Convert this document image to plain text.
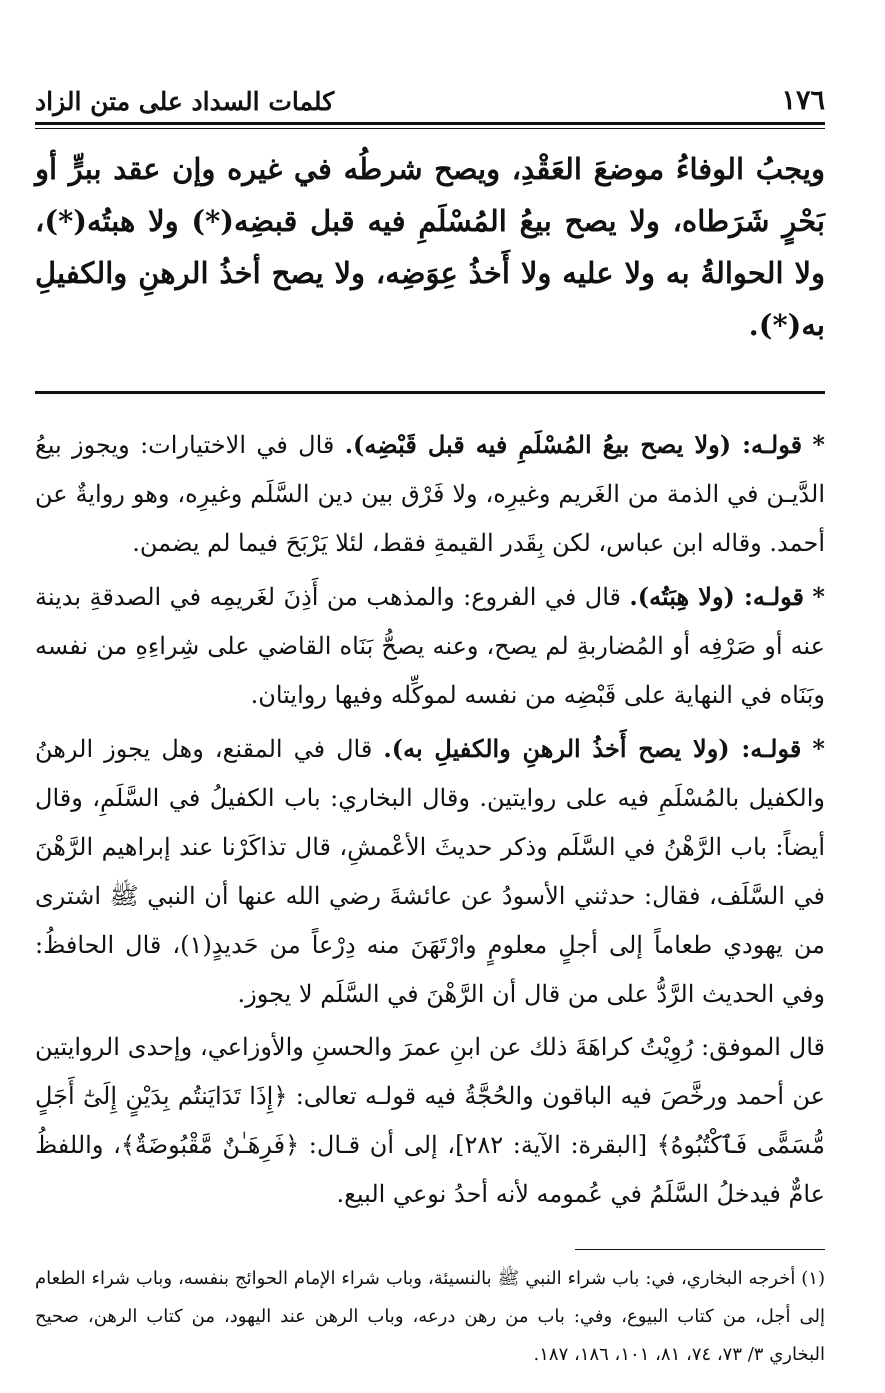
١٧٦
كلمات السداد على متن الزاد

ويجبُ الوفاءُ موضعَ العَقْدِ، ويصح شرطُه في غيره وإن عقد ببرٍّ أو بَحْرٍ شَرَطاه، ولا يصح بيعُ المُسْلَمِ فيه قبل قبضِه(*) ولا هبتُه(*)، ولا الحوالةُ به ولا عليه ولا أَخذُ عِوَضِه، ولا يصح أخذُ الرهنِ والكفيلِ به(*).

* قولـه: (ولا يصح بيعُ المُسْلَمِ فيه قبل قَبْضِه). قال في الاختيارات: ويجوز بيعُ الدَّيـن في الذمة من الغَريم وغيرِه، ولا فَرْق بين دين السَّلَم وغيرِه، وهو روايةٌ عن أحمد. وقاله ابن عباس، لكن بِقَدر القيمةِ فقط، لئلا يَرْبَحَ فيما لم يضمن.

* قولـه: (ولا هِبَتُه). قال في الفروع: والمذهب من أَذِنَ لغَريمِه في الصدقةِ بدينة عنه أو صَرْفِه أو المُضاربةِ لم يصح، وعنه يصحُّ بَنَاه القاضي على شِراءِهِ من نفسه وبَنَاه في النهاية على قَبْضِه من نفسه لموكِّله وفيها روايتان.

* قولـه: (ولا يصح أَخذُ الرهنِ والكفيلِ به). قال في المقنع، وهل يجوز الرهنُ والكفيل بالمُسْلَمِ فيه على روايتين. وقال البخاري: باب الكفيلُ في السَّلَمِ، وقال أيضاً: باب الرَّهْنُ في السَّلَم وذكر حديثَ الأعْمشِ، قال تذاكَرْنا عند إبراهيم الرَّهْنَ في السَّلَف، فقال: حدثني الأسودُ عن عائشةَ رضي الله عنها أن النبي ﷺ اشترى من يهودي طعاماً إلى أجلٍ معلومٍ وارْتَهَنَ منه دِرْعاً من حَديدٍ(١)، قال الحافظُ: وفي الحديث الرَّدُّ على من قال أن الرَّهْنَ في السَّلَم لا يجوز.

قال الموفق: رُوِيْتُ كراهَةَ ذلك عن ابنِ عمرَ والحسنِ والأوزاعي، وإحدى الروايتين عن أحمد ورخَّصَ فيه الباقون والحُجَّةُ فيه قولـه تعالى: ﴿إِذَا تَدَايَنتُم بِدَيْنٍ إِلَىٰٓ أَجَلٍ مُّسَمًّى فَٱكْتُبُوهُ﴾ [البقرة: الآية: ٢٨٢]، إلى أن قـال: ﴿فَرِهَـٰنٌ مَّقْبُوضَةٌ﴾، واللفظُ عامٌّ فيدخلُ السَّلَمُ في عُمومه لأنه أحدُ نوعي البيع.

(١) أخرجه البخاري، في: باب شراء النبي ﷺ بالنسيئة، وباب شراء الإمام الحوائج بنفسه، وباب شراء الطعام إلى أجل، من كتاب البيوع، وفي: باب من رهن درعه، وباب الرهن عند اليهود، من كتاب الرهن، صحيح البخاري ٣/ ٧٣، ٧٤، ٨١، ١٠١، ١٨٦، ١٨٧.
